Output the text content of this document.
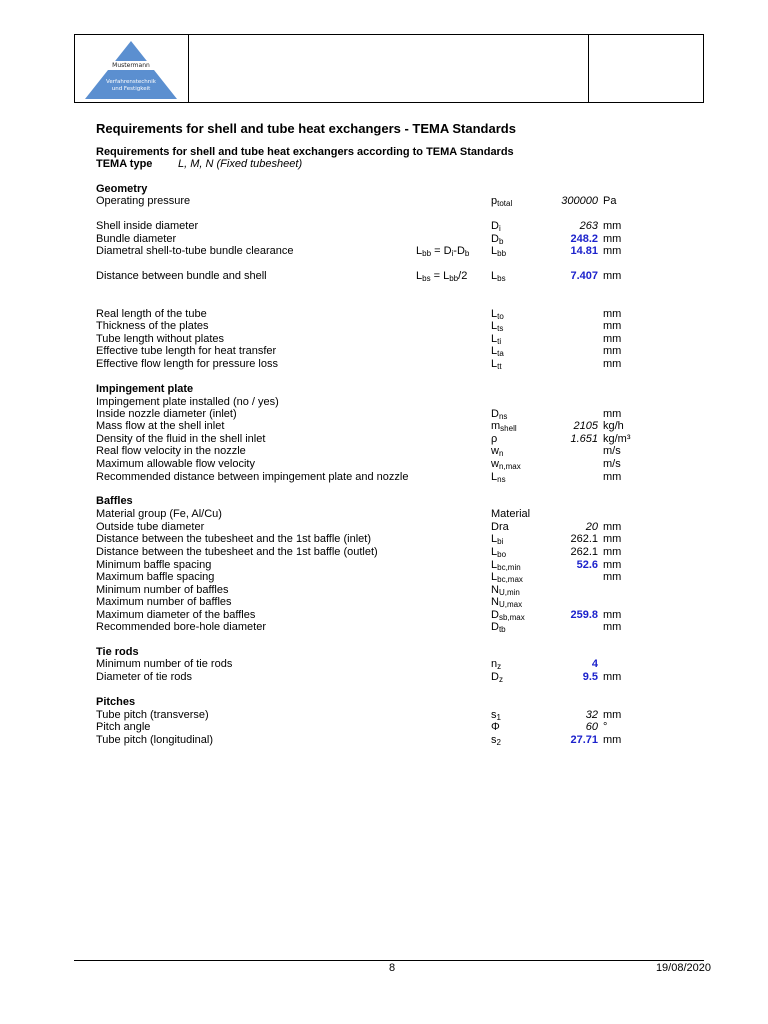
Mustermann
Verfahrenstechnik
und Festigkeit
Requirements for shell and tube heat exchangers - TEMA Standards
Requirements for shell and tube heat exchangers according to TEMA Standards
TEMA type L, M, N (Fixed tubesheet)
Geometry
Operating pressure	$p_{total}$	300000 Pa
Shell inside diameter	$D_i$	263 mm
Bundle diameter	$D_b$	248.2 mm
Diametral shell-to-tube bundle clearance	$L_{bb} = D_i-D_b$ $L_{bb}$	14.81 mm
Distance between bundle and shell	$L_{bs} = L_{bb}/2$ $L_{bs}$	7.407 mm
Real length of the tube	$L_{to}$	mm
Thickness of the plates	$L_{ts}$	mm
Tube length without plates	$L_{ti}$	mm
Effective tube length for heat transfer	$L_{ta}$	mm
Effective flow length for pressure loss	$L_{tt}$	mm
Impingement plate
Impingement plate installed (no / yes)
Inside nozzle diameter (inlet)	$D_{ns}$	mm
Mass flow at the shell inlet	$m_{shell}$	2105 kg/h
Density of the fluid in the shell inlet	ρ	1.651 kg/m³
Real flow velocity in the nozzle	$w_n$	m/s
Maximum allowable flow velocity	$w_{n,max}$	m/s
Recommended distance between impingement plate and nozzle	$L_{ns}$	mm
Baffles
Material group (Fe, Al/Cu)	Material
Outside tube diameter	Dra	20 mm
Distance between the tubesheet and the 1st baffle (inlet)	$L_{bi}$	262.1 mm
Distance between the tubesheet and the 1st baffle (outlet)	$L_{bo}$	262.1 mm
Minimum baffle spacing	$L_{bc,min}$	52.6 mm
Maximum baffle spacing	$L_{bc,max}$	mm
Minimum number of baffles	$N_{U,min}$
Maximum number of baffles	$N_{U,max}$
Maximum diameter of the baffles	$D_{sb,max}$	259.8 mm
Recommended bore-hole diameter	$D_{tb}$	mm
Tie rods
Minimum number of tie rods	$n_z$	4
Diameter of tie rods	$D_z$	9.5 mm
Pitches
Tube pitch (transverse)	$s_1$	32 mm
Pitch angle	Φ	60 °
Tube pitch (longitudinal)	$s_2$	27.71 mm
8	19/08/2020
